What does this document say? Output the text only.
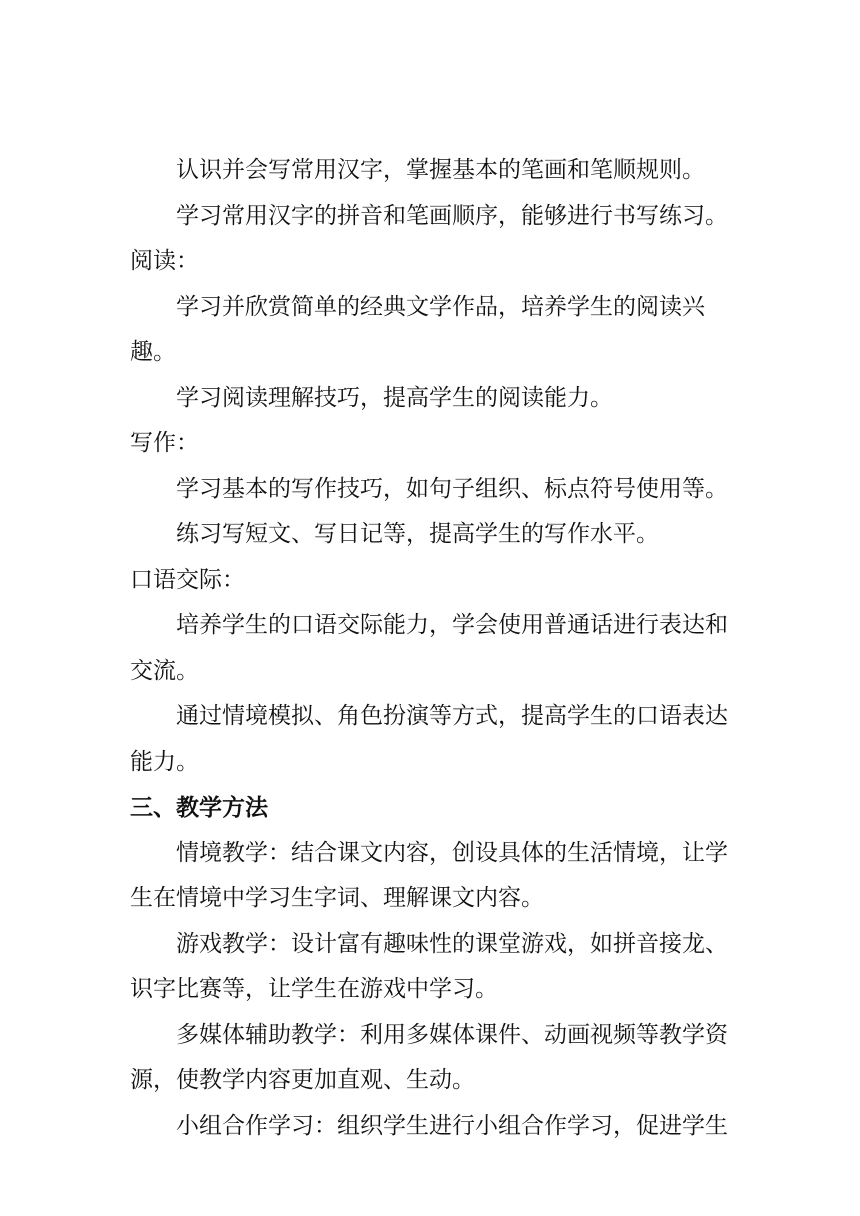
认识并会写常用汉字，掌握基本的笔画和笔顺规则。

学习常用汉字的拼音和笔画顺序，能够进行书写练习。

阅读：

学习并欣赏简单的经典文学作品，培养学生的阅读兴趣。

学习阅读理解技巧，提高学生的阅读能力。

写作：

学习基本的写作技巧，如句子组织、标点符号使用等。

练习写短文、写日记等，提高学生的写作水平。

口语交际：

培养学生的口语交际能力，学会使用普通话进行表达和交流。

通过情境模拟、角色扮演等方式，提高学生的口语表达能力。

三、教学方法

情境教学：结合课文内容，创设具体的生活情境，让学生在情境中学习生字词、理解课文内容。

游戏教学：设计富有趣味性的课堂游戏，如拼音接龙、识字比赛等，让学生在游戏中学习。

多媒体辅助教学：利用多媒体课件、动画视频等教学资源，使教学内容更加直观、生动。

小组合作学习：组织学生进行小组合作学习，促进学生
